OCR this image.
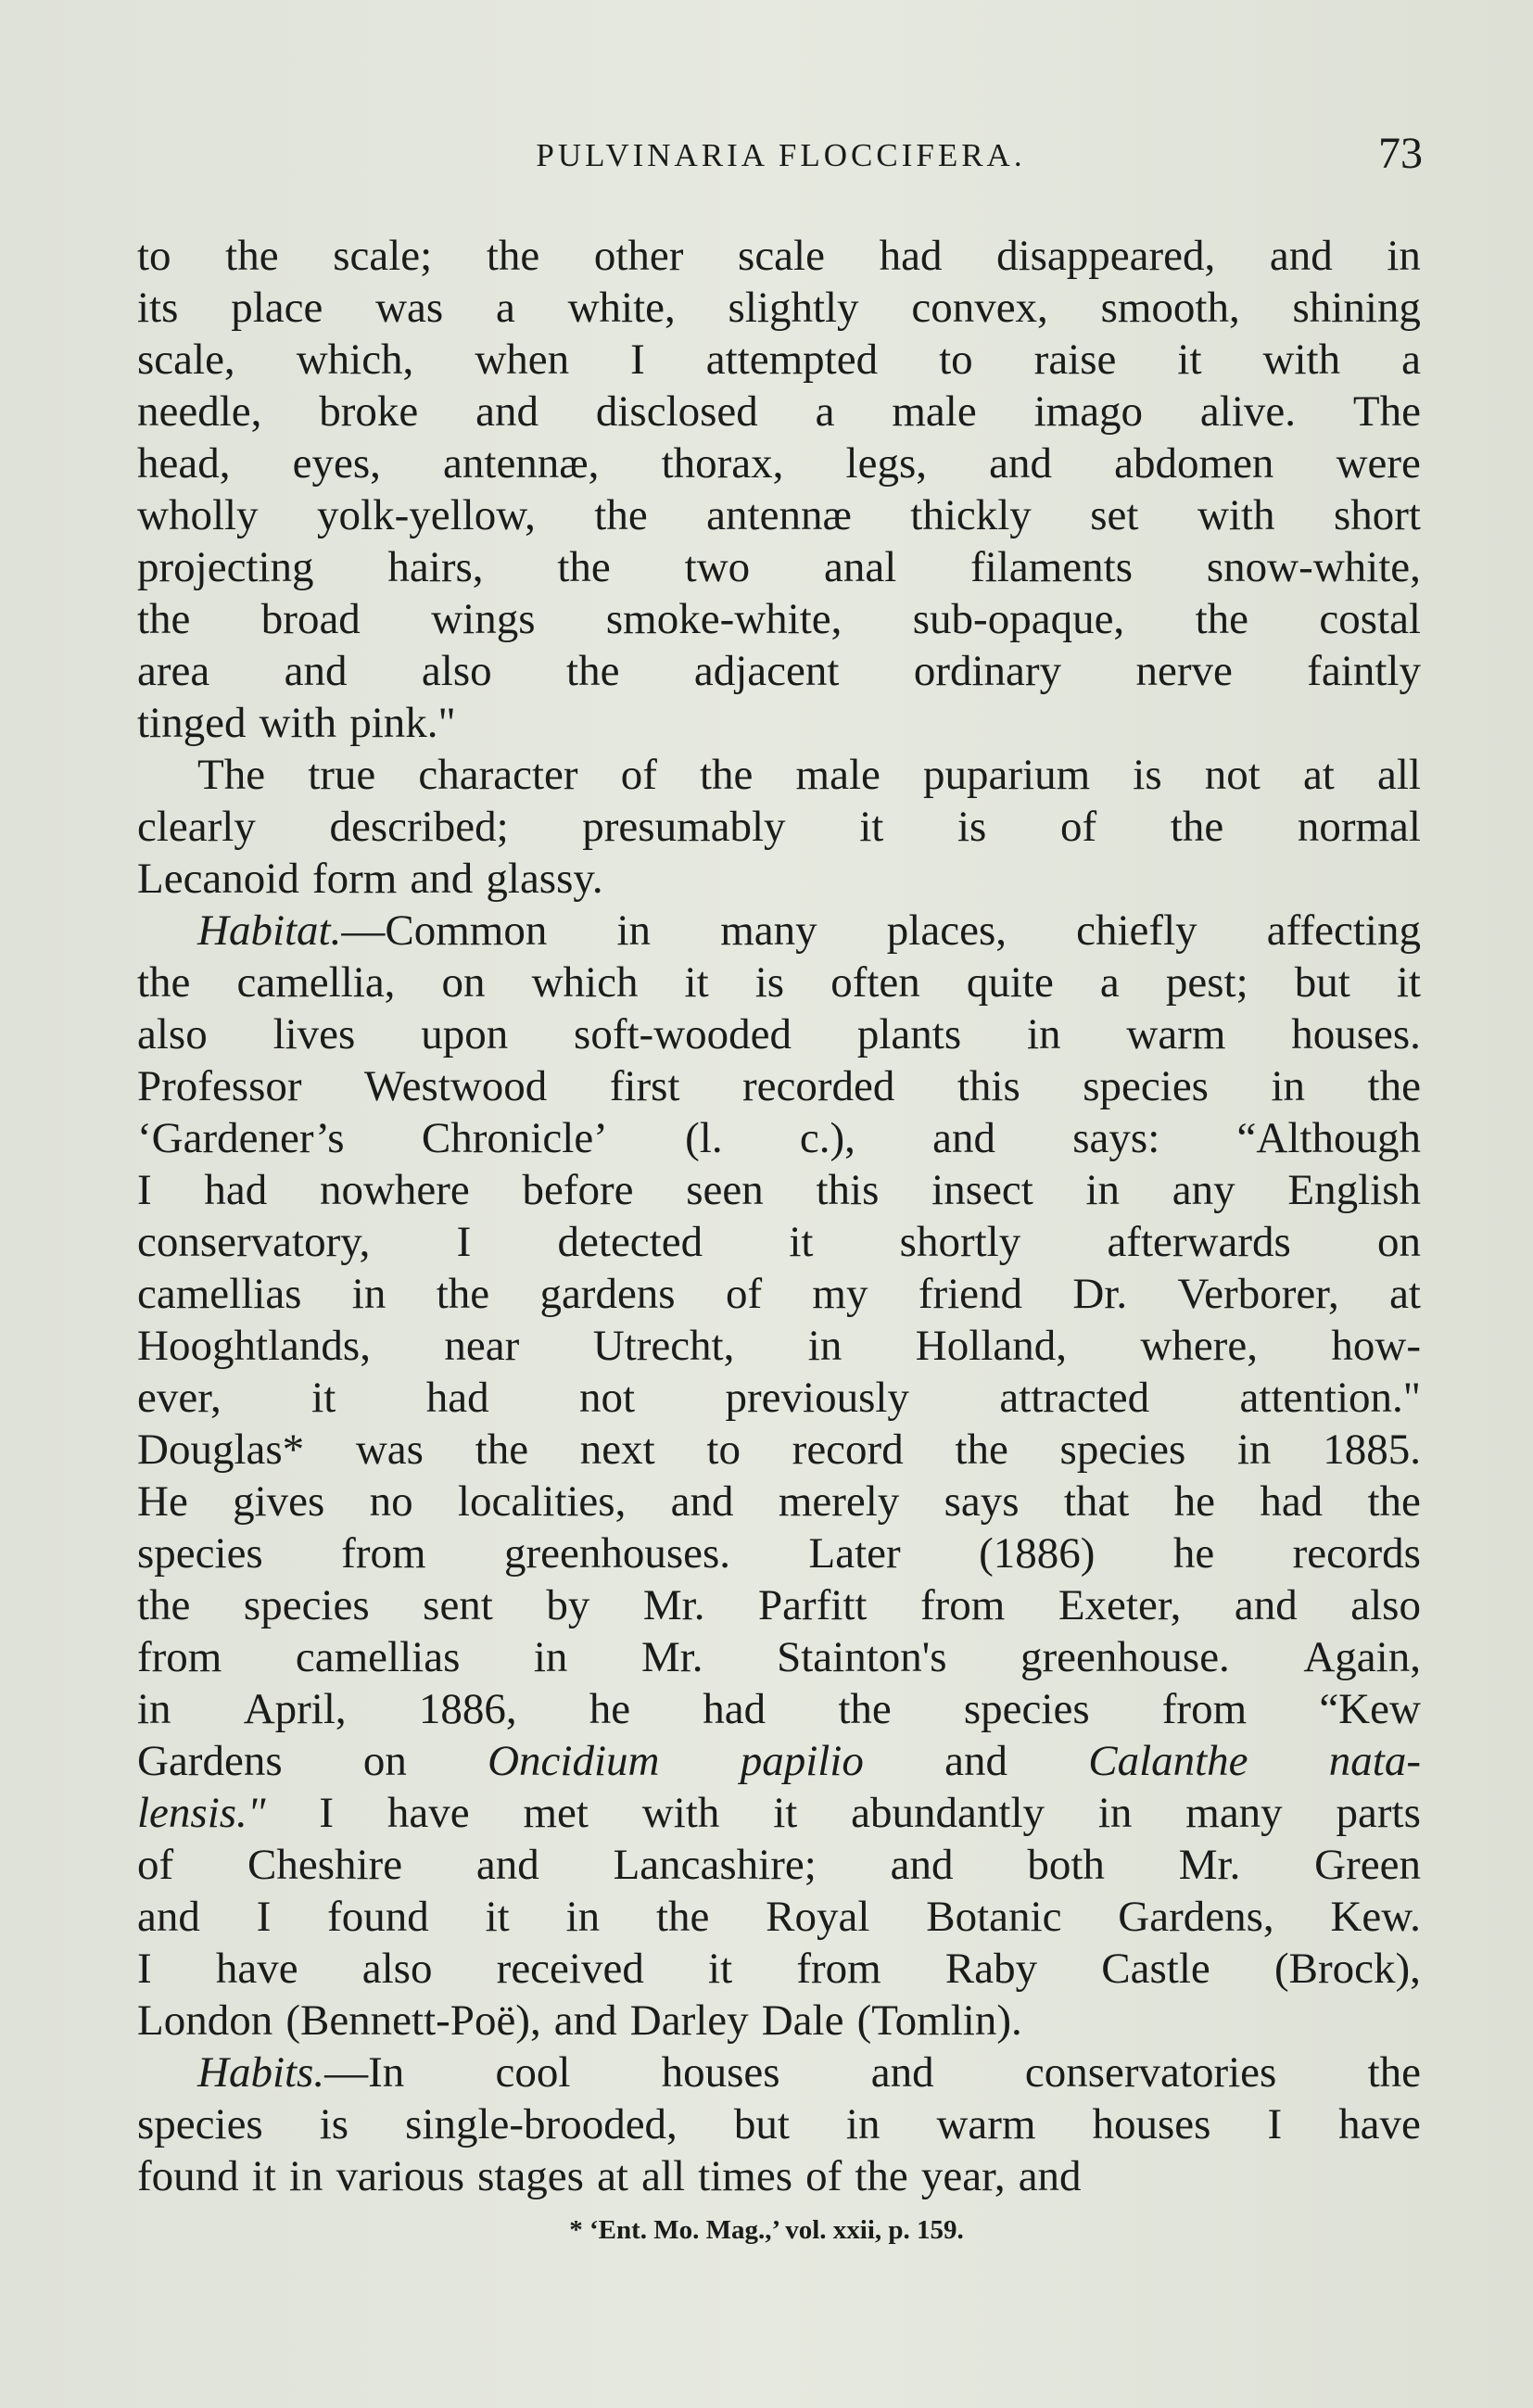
PULVINARIA FLOCCIFERA.	73
to the scale; the other scale had disappeared, and in
its place was a white, slightly convex, smooth, shining
scale, which, when I attempted to raise it with a
needle, broke and disclosed a male imago alive. The
head, eyes, antennæ, thorax, legs, and abdomen were
wholly yolk-yellow, the antennæ thickly set with short
projecting hairs, the two anal filaments snow-white,
the broad wings smoke-white, sub-opaque, the costal
area and also the adjacent ordinary nerve faintly
tinged with pink."
The true character of the male puparium is not at all
clearly described; presumably it is of the normal
Lecanoid form and glassy.
Habitat.—Common in many places, chiefly affecting
the camellia, on which it is often quite a pest; but it
also lives upon soft-wooded plants in warm houses.
Professor Westwood first recorded this species in the
‘Gardener’s Chronicle’ (l. c.), and says: “Although
I had nowhere before seen this insect in any English
conservatory, I detected it shortly afterwards on
camellias in the gardens of my friend Dr. Verborer, at
Hooghtlands, near Utrecht, in Holland, where, how-
ever, it had not previously attracted attention."
Douglas* was the next to record the species in 1885.
He gives no localities, and merely says that he had the
species from greenhouses. Later (1886) he records
the species sent by Mr. Parfitt from Exeter, and also
from camellias in Mr. Stainton's greenhouse. Again,
in April, 1886, he had the species from “Kew
Gardens on Oncidium papilio and Calanthe nata-
lensis." I have met with it abundantly in many parts
of Cheshire and Lancashire; and both Mr. Green
and I found it in the Royal Botanic Gardens, Kew.
I have also received it from Raby Castle (Brock),
London (Bennett-Poë), and Darley Dale (Tomlin).
Habits.—In cool houses and conservatories the
species is single-brooded, but in warm houses I have
found it in various stages at all times of the year, and
* ‘Ent. Mo. Mag.,’ vol. xxii, p. 159.
